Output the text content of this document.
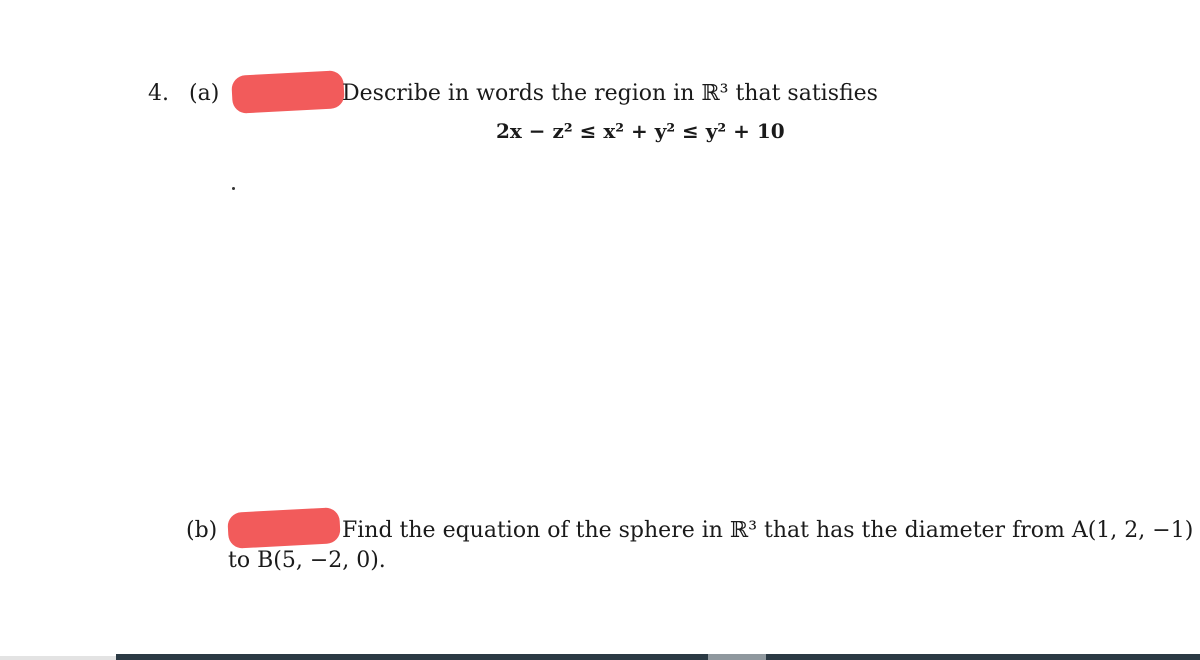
4. (a)	Describe in words the region in ℝ³ that satisfies
2x − z² ≤ x² + y² ≤ y² + 10
(b)	Find the equation of the sphere in ℝ³ that has the diameter from A(1, 2, −1)
to B(5, −2, 0).
